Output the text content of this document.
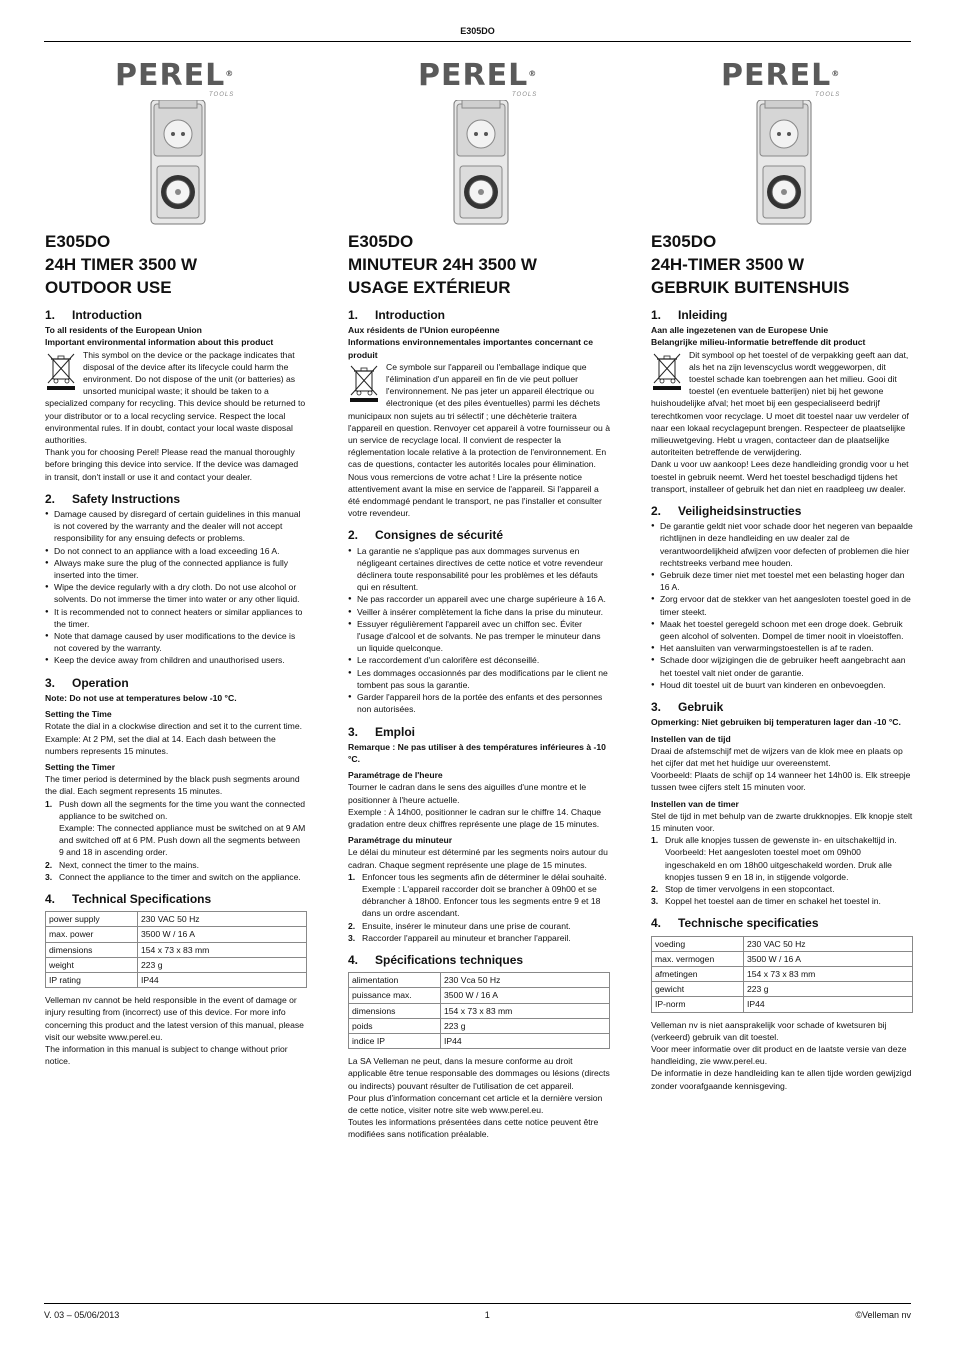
E305DO
PEREL®
TOOLS
E305DO
24H TIMER 3500 W
OUTDOOR USE
1.	Introduction

To all residents of the European Union

Important environmental information about this product

This symbol on the device or the package indicates that disposal of the device after its lifecycle could harm the environment. Do not dispose of the unit (or batteries) as unsorted municipal waste; it should be taken to a specialized company for recycling. This device should be returned to your distributor or to a local recycling service. Respect the local environmental rules. If in doubt, contact your local waste disposal authorities.

Thank you for choosing Perel! Please read the manual thoroughly before bringing this device into service. If the device was damaged in transit, don't install or use it and contact your dealer.

2.	Safety Instructions
● Damage caused by disregard of certain guidelines in this manual is not covered by the warranty and the dealer will not accept responsibility for any ensuing defects or problems.
● Do not connect to an appliance with a load exceeding 16 A.
● Always make sure the plug of the connected appliance is fully inserted into the timer.
● Wipe the device regularly with a dry cloth. Do not use alcohol or solvents. Do not immerse the timer into water or any other liquid.
● It is recommended not to connect heaters or similar appliances to the timer.
● Note that damage caused by user modifications to the device is not covered by the warranty.
● Keep the device away from children and unauthorised users.
3.	Operation

Note: Do not use at temperatures below -10 °C.

Setting the Time

Rotate the dial in a clockwise direction and set it to the current time.

Example: At 2 PM, set the dial at 14. Each dash between the numbers represents 15 minutes.

Setting the Timer

The timer period is determined by the black push segments around the dial. Each segment represents 15 minutes.

1. Push down all the segments for the time you want the connected appliance to be switched on.
Example: The connected appliance must be switched on at 9 AM and switched off at 6 PM. Push down all the segments between 9 and 18 in ascending order.
2. Next, connect the timer to the mains.
3. Connect the appliance to the timer and switch on the appliance.
4.	Technical Specifications
power supply	230 VAC 50 Hz
max. power	3500 W / 16 A
dimensions	154 x 73 x 83 mm
weight	223 g
IP rating	IP44

Velleman nv cannot be held responsible in the event of damage or injury resulting from (incorrect) use of this device. For more info concerning this product and the latest version of this manual, please visit our website www.perel.eu.

The information in this manual is subject to change without prior notice.

PEREL®
TOOLS
E305DO
MINUTEUR 24H 3500 W
USAGE EXTÉRIEUR
1.	Introduction

Aux résidents de l'Union européenne

Informations environnementales importantes concernant ce produit

Ce symbole sur l'appareil ou l'emballage indique que l'élimination d'un appareil en fin de vie peut polluer l'environnement. Ne pas jeter un appareil électrique ou électronique (et des piles éventuelles) parmi les déchets municipaux non sujets au tri sélectif ; une déchèterie traitera l'appareil en question. Renvoyer cet appareil à votre fournisseur ou à un service de recyclage local. Il convient de respecter la réglementation locale relative à la protection de l'environnement. En cas de questions, contacter les autorités locales pour élimination.

Nous vous remercions de votre achat ! Lire la présente notice attentivement avant la mise en service de l'appareil. Si l'appareil a été endommagé pendant le transport, ne pas l'installer et consulter votre revendeur.

2.	Consignes de sécurité
● La garantie ne s'applique pas aux dommages survenus en négligeant certaines directives de cette notice et votre revendeur déclinera toute responsabilité pour les problèmes et les défauts qui en résultent.
● Ne pas raccorder un appareil avec une charge supérieure à 16 A.
● Veiller à insérer complètement la fiche dans la prise du minuteur.
● Essuyer régulièrement l'appareil avec un chiffon sec. Éviter l'usage d'alcool et de solvants. Ne pas tremper le minuteur dans un liquide quelconque.
● Le raccordement d'un calorifère est déconseillé.
● Les dommages occasionnés par des modifications par le client ne tombent pas sous la garantie.
● Garder l'appareil hors de la portée des enfants et des personnes non autorisées.
3.	Emploi

Remarque : Ne pas utiliser à des températures inférieures à -10 °C.

Paramétrage de l'heure

Tourner le cadran dans le sens des aiguilles d'une montre et le positionner à l'heure actuelle.

Exemple : À 14h00, positionner le cadran sur le chiffre 14. Chaque gradation entre deux chiffres représente une plage de 15 minutes.

Paramétrage du minuteur

Le délai du minuteur est déterminé par les segments noirs autour du cadran. Chaque segment représente une plage de 15 minutes.

1. Enfoncer tous les segments afin de déterminer le délai souhaité.
Exemple : L'appareil raccorder doit se brancher à 09h00 et se débrancher à 18h00. Enfoncer tous les segments entre 9 et 18 dans un ordre ascendant.
2. Ensuite, insérer le minuteur dans une prise de courant.
3. Raccorder l'appareil au minuteur et brancher l'appareil.
4.	Spécifications techniques
alimentation	230 Vca 50 Hz
puissance max.	3500 W / 16 A
dimensions	154 x 73 x 83 mm
poids	223 g
indice IP	IP44

La SA Velleman ne peut, dans la mesure conforme au droit applicable être tenue responsable des dommages ou lésions (directs ou indirects) pouvant résulter de l'utilisation de cet appareil.

Pour plus d'information concernant cet article et la dernière version de cette notice, visiter notre site web www.perel.eu.

Toutes les informations présentées dans cette notice peuvent être modifiées sans notification préalable.

PEREL®
TOOLS
E305DO
24H-TIMER 3500 W
GEBRUIK BUITENSHUIS
1.	Inleiding

Aan alle ingezetenen van de Europese Unie

Belangrijke milieu-informatie betreffende dit product

Dit symbool op het toestel of de verpakking geeft aan dat, als het na zijn levenscyclus wordt weggeworpen, dit toestel schade kan toebrengen aan het milieu. Gooi dit toestel (en eventuele batterijen) niet bij het gewone huishoudelijke afval; het moet bij een gespecialiseerd bedrijf terechtkomen voor recyclage. U moet dit toestel naar uw verdeler of naar een lokaal recyclagepunt brengen. Respecteer de plaatselijke milieuwetgeving. Hebt u vragen, contacteer dan de plaatselijke autoriteiten betreffende de verwijdering.

Dank u voor uw aankoop! Lees deze handleiding grondig voor u het toestel in gebruik neemt. Werd het toestel beschadigd tijdens het transport, installeer of gebruik het dan niet en raadpleeg uw dealer.

2.	Veiligheidsinstructies
● De garantie geldt niet voor schade door het negeren van bepaalde richtlijnen in deze handleiding en uw dealer zal de verantwoordelijkheid afwijzen voor defecten of problemen die hier rechtstreeks verband mee houden.
● Gebruik deze timer niet met toestel met een belasting hoger dan 16 A.
● Zorg ervoor dat de stekker van het aangesloten toestel goed in de timer steekt.
● Maak het toestel geregeld schoon met een droge doek. Gebruik geen alcohol of solventen. Dompel de timer nooit in vloeistoffen.
● Het aansluiten van verwarmingstoestellen is af te raden.
● Schade door wijzigingen die de gebruiker heeft aangebracht aan het toestel valt niet onder de garantie.
● Houd dit toestel uit de buurt van kinderen en onbevoegden.
3.	Gebruik

Opmerking: Niet gebruiken bij temperaturen lager dan -10 °C.

Instellen van de tijd

Draai de afstemschijf met de wijzers van de klok mee en plaats op het cijfer dat met het huidige uur overeenstemt.

Voorbeeld: Plaats de schijf op 14 wanneer het 14h00 is. Elk streepje tussen twee cijfers stelt 15 minuten voor.

Instellen van de timer

Stel de tijd in met behulp van de zwarte drukknopjes. Elk knopje stelt 15 minuten voor.

1. Druk alle knopjes tussen de gewenste in- en uitschakeltijd in.
Voorbeeld: Het aangesloten toestel moet om 09h00 ingeschakeld en om 18h00 uitgeschakeld worden. Druk alle knopjes tussen 9 en 18 in, in stijgende volgorde.
2. Stop de timer vervolgens in een stopcontact.
3. Koppel het toestel aan de timer en schakel het toestel in.
4.	Technische specificaties
voeding	230 VAC 50 Hz
max. vermogen	3500 W / 16 A
afmetingen	154 x 73 x 83 mm
gewicht	223 g
IP-norm	IP44

Velleman nv is niet aansprakelijk voor schade of kwetsuren bij (verkeerd) gebruik van dit toestel.

Voor meer informatie over dit product en de laatste versie van deze handleiding, zie www.perel.eu.

De informatie in deze handleiding kan te allen tijde worden gewijzigd zonder voorafgaande kennisgeving.

V. 03 – 05/06/2013	1	©Velleman nv
